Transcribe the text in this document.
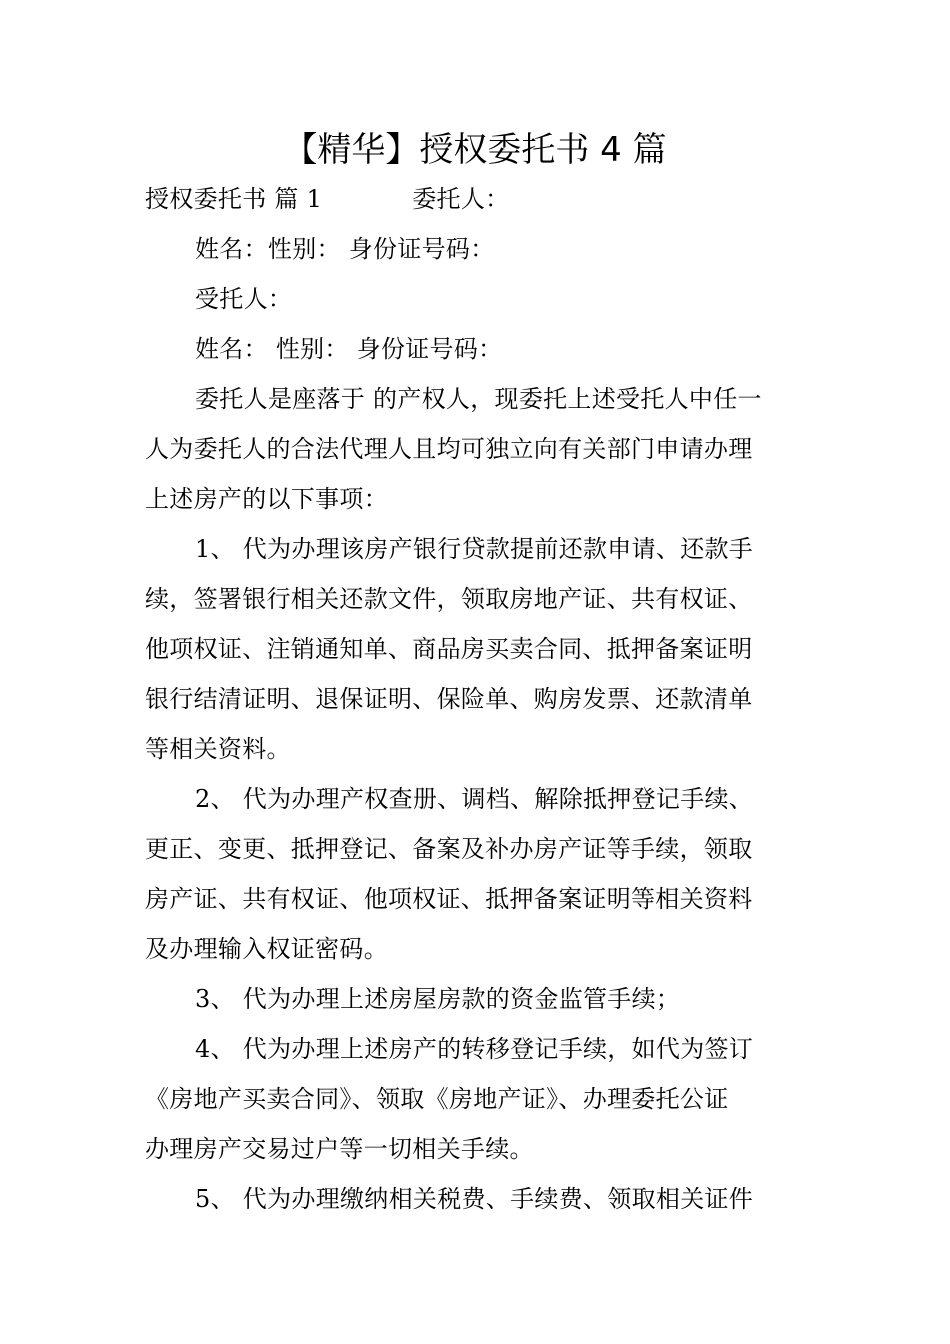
【精华】授权委托书 4 篇
授权委托书 篇 1	委托人：
姓名：性别： 身份证号码：
受托人：
姓名： 性别： 身份证号码：
委托人是座落于 的产权人，现委托上述受托人中任一
人为委托人的合法代理人且均可独立向有关部门申请办理
上述房产的以下事项：
1、 代为办理该房产银行贷款提前还款申请、还款手
续，签署银行相关还款文件，领取房地产证、共有权证、
他项权证、注销通知单、商品房买卖合同、抵押备案证明
银行结清证明、退保证明、保险单、购房发票、还款清单
等相关资料。
2、 代为办理产权查册、调档、解除抵押登记手续、
更正、变更、抵押登记、备案及补办房产证等手续，领取
房产证、共有权证、他项权证、抵押备案证明等相关资料
及办理输入权证密码。
3、 代为办理上述房屋房款的资金监管手续；
4、 代为办理上述房产的转移登记手续，如代为签订
《房地产买卖合同》、领取《房地产证》、办理委托公证
办理房产交易过户等一切相关手续。
5、 代为办理缴纳相关税费、手续费、领取相关证件
